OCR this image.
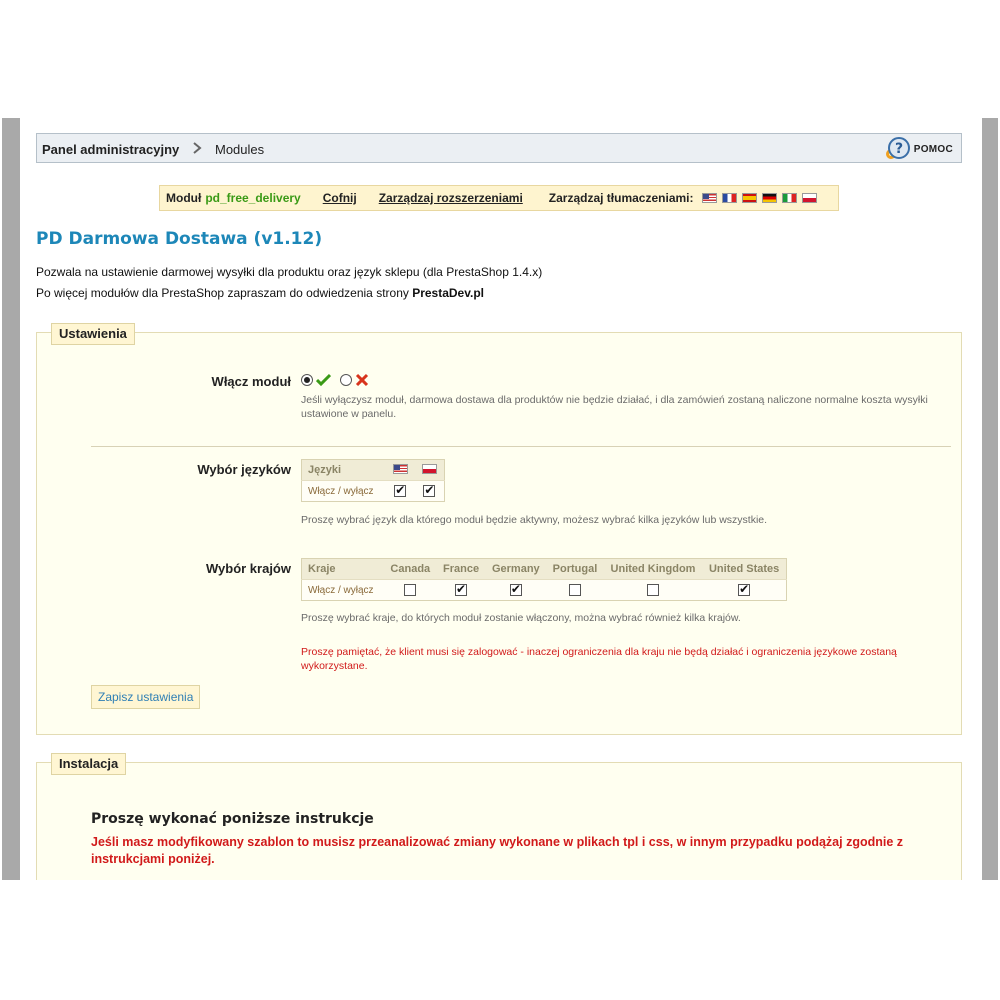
Panel administracyjny	Modules	? POMOC
Moduł pd_free_delivery Cofnij Zarządzaj rozszerzeniami Zarządzaj tłumaczeniami:
PD Darmowa Dostawa (v1.12)
Pozwala na ustawienie darmowej wysyłki dla produktu oraz język sklepu (dla PrestaShop 1.4.x)
Po więcej modułów dla PrestaShop zapraszam do odwiedzenia strony PrestaDev.pl
Ustawienia
Włącz moduł
Jeśli wyłączysz moduł, darmowa dostawa dla produktów nie będzie działać, i dla zamówień zostaną naliczone normalne koszta wysyłki ustawione w panelu.
Wybór języków Języki	

Włącz / wyłącz	✔	✔
Proszę wybrać język dla którego moduł będzie aktywny, możesz wybrać kilka języków lub wszystkie.
Wybór krajów Kraje	Canada	France	Germany	Portugal	United Kingdom	United States
Włącz / wyłącz		✔	✔			✔
Proszę wybrać kraje, do których moduł zostanie włączony, można wybrać również kilka krajów.
Proszę pamiętać, że klient musi się zalogować - inaczej ograniczenia dla kraju nie będą działać i ograniczenia językowe zostaną wykorzystane.
Zapisz ustawienia
Instalacja
Proszę wykonać poniższe instrukcje
Jeśli masz modyfikowany szablon to musisz przeanalizować zmiany wykonane w plikach tpl i css, w innym przypadku podążaj zgodnie z instrukcjami poniżej.
